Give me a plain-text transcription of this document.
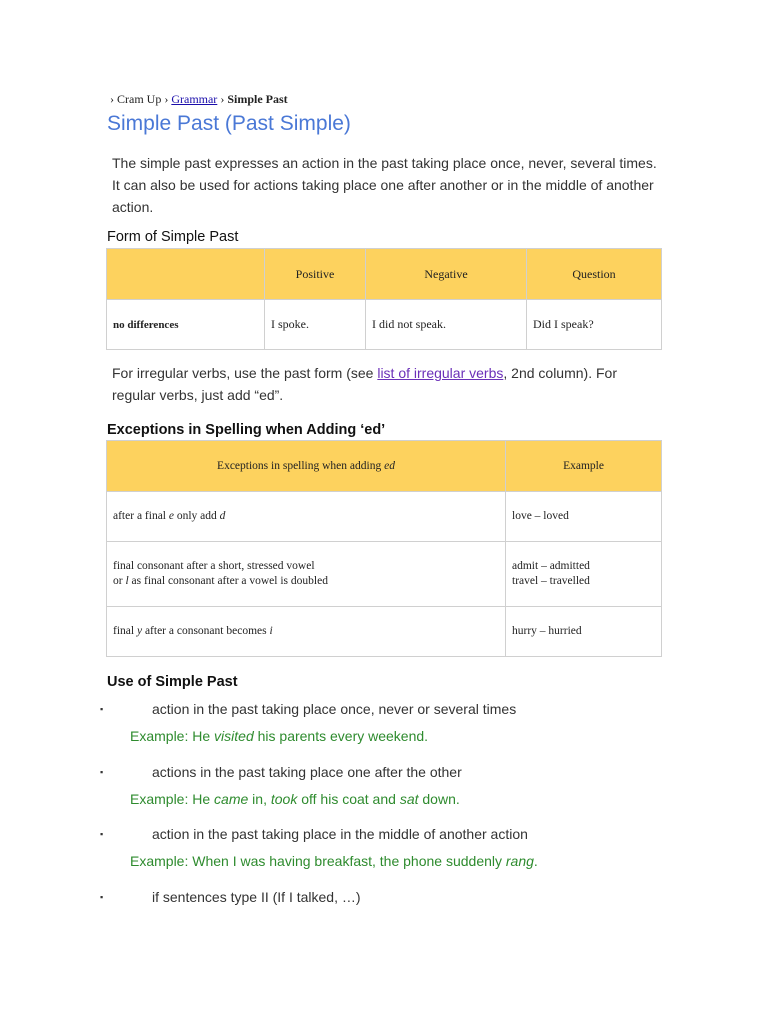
› Cram Up › Grammar › Simple Past
Simple Past (Past Simple)

The simple past expresses an action in the past taking place once, never, several times. It can also be used for actions taking place one after another or in the middle of another action.

Form of Simple Past
	Positive	Negative	Question
no differences	I spoke.	I did not speak.	Did I speak?

For irregular verbs, use the past form (see list of irregular verbs, 2nd column). For regular verbs, just add “ed”.

Exceptions in Spelling when Adding ‘ed’
Exceptions in spelling when adding ed	Example
after a final e only add d	love – loved
final consonant after a short, stressed vowel
or l as final consonant after a vowel is doubled	admit – admitted
travel – travelled
final y after a consonant becomes i	hurry – hurried
Use of Simple Past
▪	action in the past taking place once, never or several times
Example: He visited his parents every weekend.
▪	actions in the past taking place one after the other
Example: He came in, took off his coat and sat down.
▪	action in the past taking place in the middle of another action
Example: When I was having breakfast, the phone suddenly rang.
▪	if sentences type II (If I talked, …)
